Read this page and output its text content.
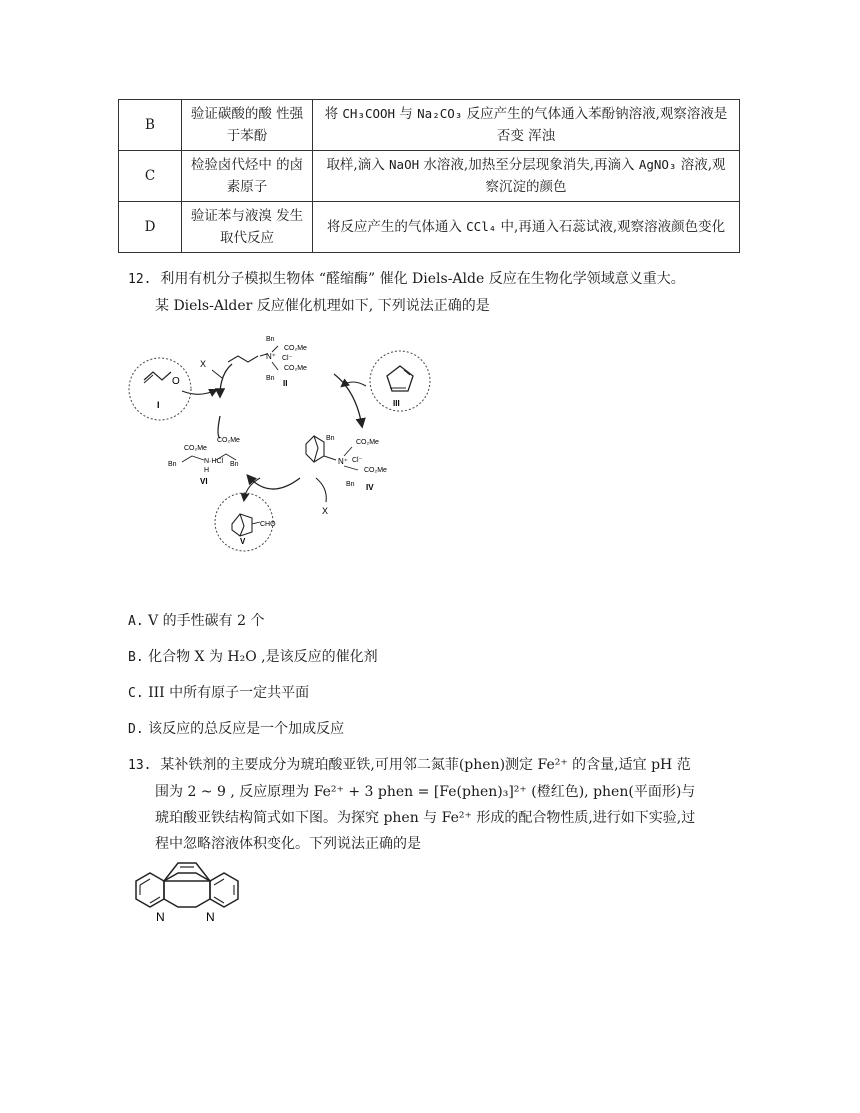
B	验证碳酸的酸 性强于苯酚	将 CH₃COOH 与 Na₂CO₃ 反应产生的气体通入苯酚钠溶液,观察溶液是否变 浑浊
C	检验卤代烃中 的卤素原子	取样,滴入 NaOH 水溶液,加热至分层现象消失,再滴入 AgNO₃ 溶液,观 察沉淀的颜色
D	验证苯与液溴 发生取代反应	将反应产生的气体通入 CCl₄ 中,再通入石蕊试液,观察溶液颜色变化
12. 利用有机分子模拟生物体 “醛缩酶” 催化 Diels-Alde 反应在生物化学领域意义重大。
某 Diels-Alder 反应催化机理如下, 下列说法正确的是
O
I
X
N⁺ Cl⁻
Bn
CO₂Me
Bn
CO₂Me
II
III
N⁺ Cl⁻
Bn
CO₂Me
Bn
CO₂Me
IV
CO₂Me
CO₂Me
Bn	Bn
N·HCl
H
VI
CHO
V
X
A. V 的手性碳有 2 个
B. 化合物 X 为 H₂O ,是该反应的催化剂
C. III 中所有原子一定共平面
D. 该反应的总反应是一个加成反应
13. 某补铁剂的主要成分为琥珀酸亚铁,可用邻二氮菲(phen)测定 Fe²⁺ 的含量,适宜 pH 范
围为 2 ~ 9 , 反应原理为 Fe²⁺ + 3 phen = [Fe(phen)₃]²⁺ (橙红色), phen(平面形)与
琥珀酸亚铁结构简式如下图。为探究 phen 与 Fe²⁺ 形成的配合物性质,进行如下实验,过
程中忽略溶液体积变化。下列说法正确的是
N	N
